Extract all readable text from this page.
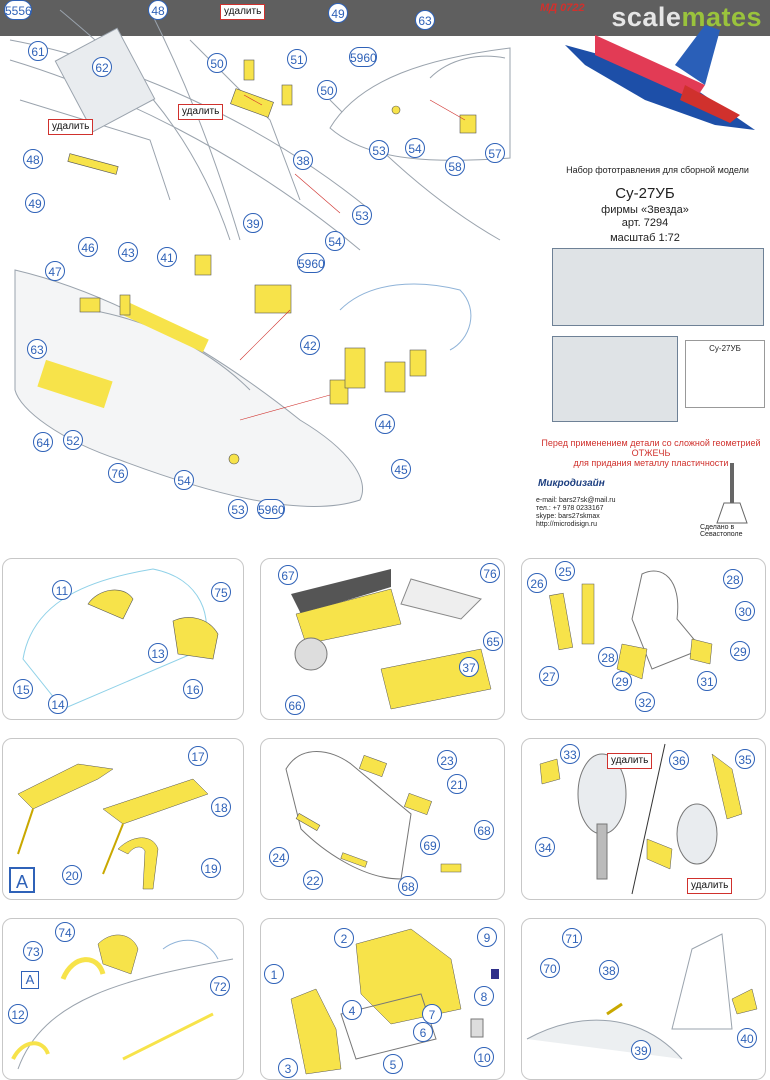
МД 0722 scalemates
Набор фототравления для сборной модели
Су-27УБ
фирмы «Звезда»
арт. 7294
масштаб 1:72
Су-27УБ
Перед применением детали со сложной геометрией
ОТЖЕЧЬ
для придания металлу пластичности
Микродизайн
e-mail: bars27sk@mail.ru
тел.: +7 978 0233167
skype: bars27skmax
http://microdisign.ru	Сделано в Севастополе
удалить
удалить
удалить
5556	48	49	63
61
62	50	51
50
5960
53 54	57
58
48
49
38
39
53
54
5960
41
46 43
47
42
63
44
45
64 52
76	54
53 5960
11	75
13
15
14
16
67	76
65
66
37
26
25
28
30
28	29
29
27	31
32
17
18
19
20
A
23
21
24
68
69
22	68
33	36	35
34
удалить
удалить
74
73
72
12
A
2	9
1
4	7
8
6
5
3
10
71
38
70
40
39
